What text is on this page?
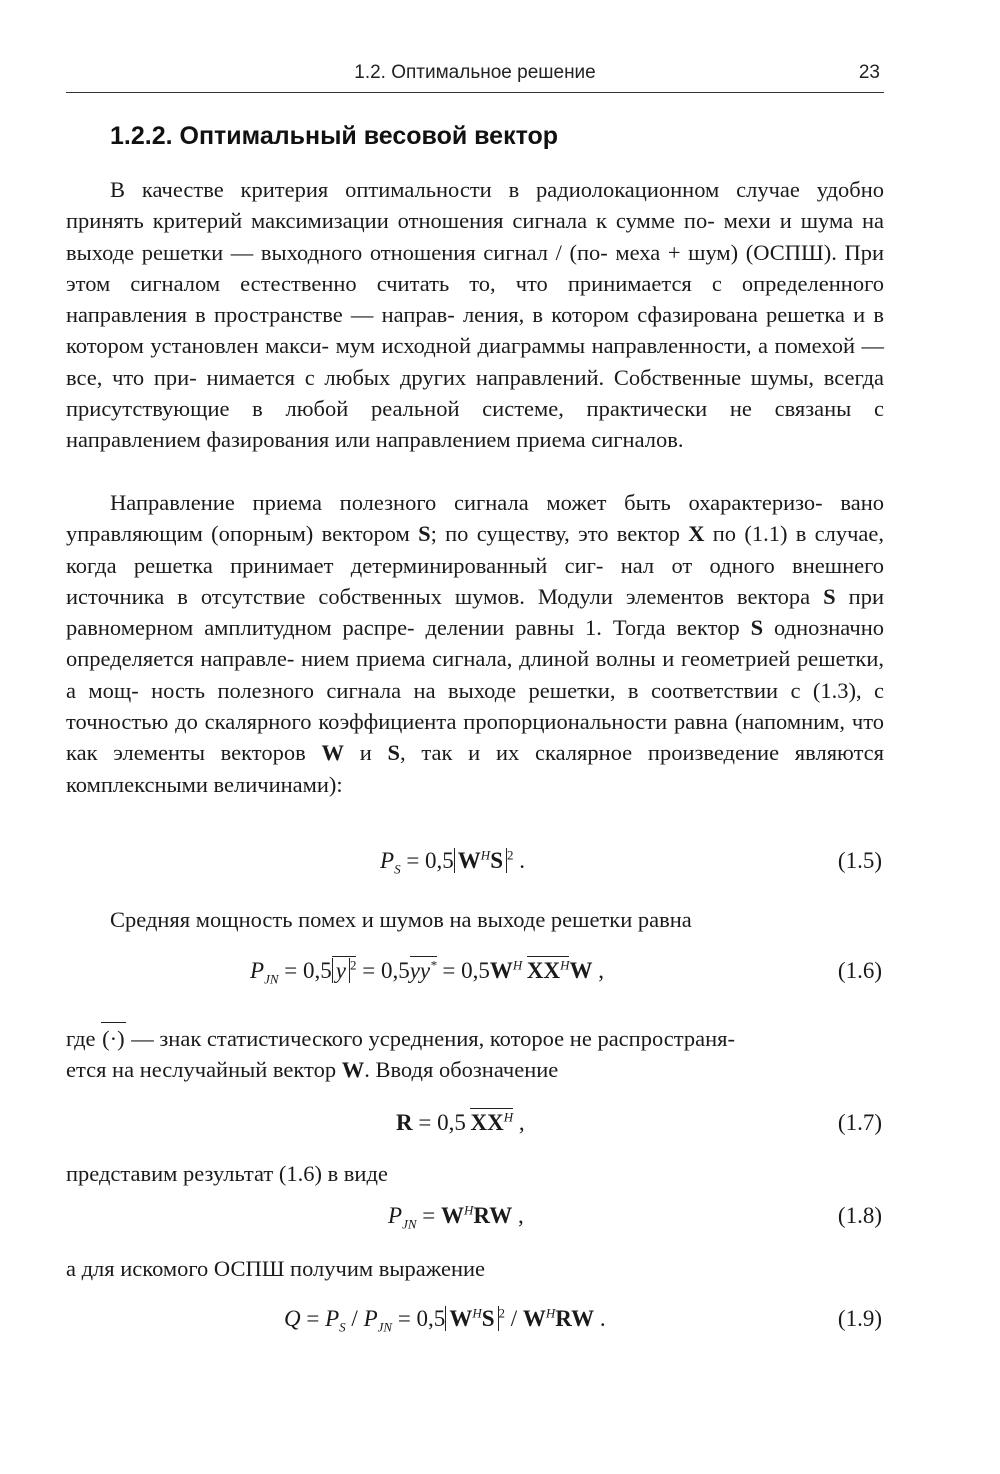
1.2. Оптимальное решение	23
1.2.2. Оптимальный весовой вектор
В качестве критерия оптимальности в радиолокационном случае удобно принять критерий максимизации отношения сигнала к сумме по- мехи и шума на выходе решетки — выходного отношения сигнал / (по- меха + шум) (ОСПШ). При этом сигналом естественно считать то, что принимается с определенного направления в пространстве — направ- ления, в котором сфазирована решетка и в котором установлен макси- мум исходной диаграммы направленности, а помехой — все, что при- нимается с любых других направлений. Собственные шумы, всегда присутствующие в любой реальной системе, практически не связаны с направлением фазирования или направлением приема сигналов.
Направление приема полезного сигнала может быть охарактеризо- вано управляющим (опорным) вектором S; по существу, это вектор X по (1.1) в случае, когда решетка принимает детерминированный сиг- нал от одного внешнего источника в отсутствие собственных шумов. Модули элементов вектора S при равномерном амплитудном распре- делении равны 1. Тогда вектор S однозначно определяется направле- нием приема сигнала, длиной волны и геометрией решетки, а мощ- ность полезного сигнала на выходе решетки, в соответствии с (1.3), с точностью до скалярного коэффициента пропорциональности равна (напомним, что как элементы векторов W и S, так и их скалярное произведение являются комплексными величинами):
$P_S = 0,5$ $W^HS$ $^2$ .	(1.5)

Средняя мощность помех и шумов на выходе решетки равна

$P_{JN} = 0,5$ y $^2 = 0,5yy^* = 0,5W^H$  $XX^HW$ ,	(1.6)
где (·) — знак статистического усреднения, которое не распространя-
ется на неслучайный вектор W. Вводя обозначение
R = 0,5 $XX^H$ ,	(1.7)

представим результат (1.6) в виде

$P_{JN} = W^HRW$ ,	(1.8)

а для искомого ОСПШ получим выражение

$Q = P_S / P_{JN} = 0,5$ $W^HS$ $^2 / W^HRW$ .	(1.9)
